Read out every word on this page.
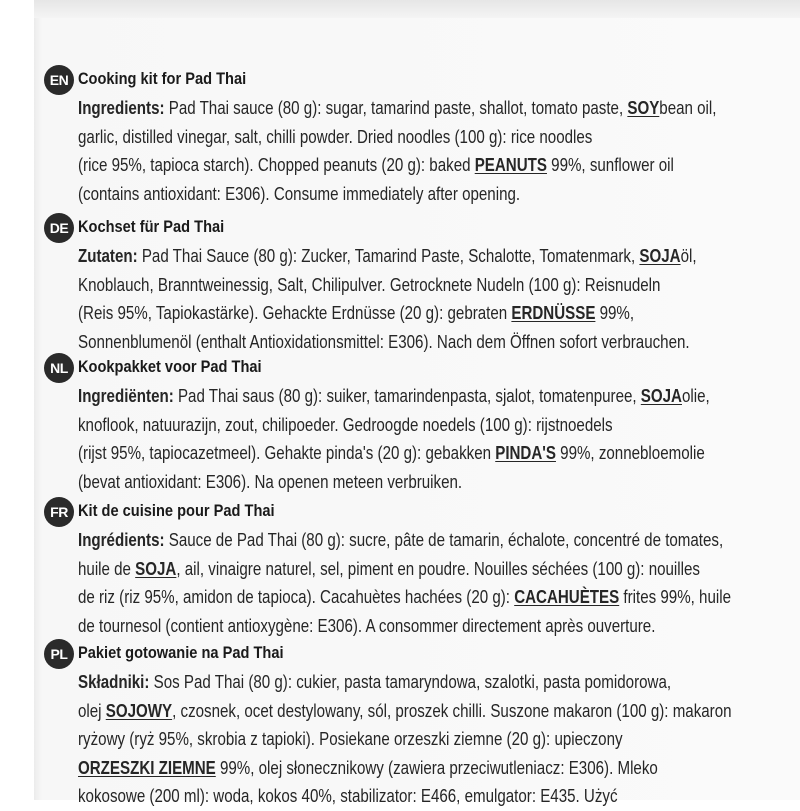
EN Cooking kit for Pad Thai
Ingredients: Pad Thai sauce (80 g): sugar, tamarind paste, shallot, tomato paste, SOYbean oil,
garlic, distilled vinegar, salt, chilli powder. Dried noodles (100 g): rice noodles
(rice 95%, tapioca starch). Chopped peanuts (20 g): baked PEANUTS 99%, sunflower oil
(contains antioxidant: E306). Consume immediately after opening.
DE Kochset für Pad Thai
Zutaten: Pad Thai Sauce (80 g): Zucker, Tamarind Paste, Schalotte, Tomatenmark, SOJAöl,
Knoblauch, Branntweinessig, Salt, Chilipulver. Getrocknete Nudeln (100 g): Reisnudeln
(Reis 95%, Tapiokastärke). Gehackte Erdnüsse (20 g): gebraten ERDNÜSSE 99%,
Sonnenblumenöl (enthalt Antioxidationsmittel: E306). Nach dem Öffnen sofort verbrauchen.
NL Kookpakket voor Pad Thai
Ingrediënten: Pad Thai saus (80 g): suiker, tamarindenpasta, sjalot, tomatenpuree, SOJAolie,
knoflook, natuurazijn, zout, chilipoeder. Gedroogde noedels (100 g): rijstnoedels
(rijst 95%, tapiocazetmeel). Gehakte pinda's (20 g): gebakken PINDA'S 99%, zonnebloemolie
(bevat antioxidant: E306). Na openen meteen verbruiken.
FR Kit de cuisine pour Pad Thai
Ingrédients: Sauce de Pad Thai (80 g): sucre, pâte de tamarin, échalote, concentré de tomates,
huile de SOJA, ail, vinaigre naturel, sel, piment en poudre. Nouilles séchées (100 g): nouilles
de riz (riz 95%, amidon de tapioca). Cacahuètes hachées (20 g): CACAHUÈTES frites 99%, huile
de tournesol (contient antioxygène: E306). A consommer directement après ouverture.
PL Pakiet gotowanie na Pad Thai
Składniki: Sos Pad Thai (80 g): cukier, pasta tamaryndowa, szalotki, pasta pomidorowa,
olej SOJOWY, czosnek, ocet destylowany, sól, proszek chilli. Suszone makaron (100 g): makaron
ryżowy (ryż 95%, skrobia z tapioki). Posiekane orzeszki ziemne (20 g): upieczony
ORZESZKI ZIEMNE 99%, olej słonecznikowy (zawiera przeciwutleniacz: E306). Mleko
kokosowe (200 ml): woda, kokos 40%, stabilizator: E466, emulgator: E435. Użyć
